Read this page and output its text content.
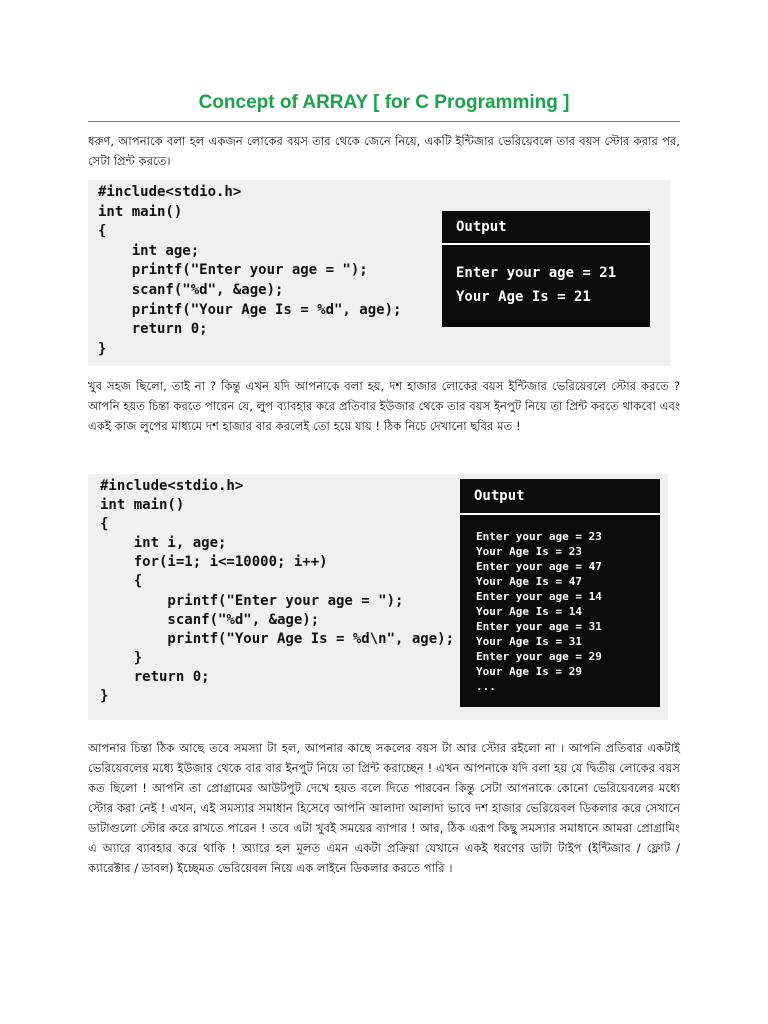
Concept of ARRAY [ for C Programming ]

ধরুণ, আপনাকে বলা হল একজন লোকের বয়স তার থেকে জেনে নিয়ে, একটি ইন্টিজার ভেরিয়েবলে তার বয়স স্টোর করার পর, সেটা প্রিন্ট করতে।

#include<stdio.h>
int main()
{
int age;
printf("Enter your age = ");
scanf("%d", &age);
printf("Your Age Is = %d", age);
return 0;
}
Output
Enter your age = 21
Your Age Is = 21

খুব সহজ ছিলো, তাই না ? কিন্তু এখন যদি আপনাকে বলা হয়, দশ হাজার লোকের বয়স ইন্টিজার ভেরিয়েবলে স্টোর করতে ? আপনি হয়ত চিন্তা করতে পারেন যে, লুপ ব্যাবহার করে প্রতিবার ইউজার থেকে তার বয়স ইনপুট নিয়ে তা প্রিন্ট করতে থাকবো এবং একই কাজ লুপের মাধ্যমে দশ হাজার বার করলেই তো হয়ে যায় ! ঠিক নিচে দেখানো ছবির মত !

#include<stdio.h>
int main()
{
int i, age;
for(i=1; i<=10000; i++)
{
printf("Enter your age = ");
scanf("%d", &age);
printf("Your Age Is = %d\n", age);
}
return 0;
}
Output
Enter your age = 23
Your Age Is = 23
Enter your age = 47
Your Age Is = 47
Enter your age = 14
Your Age Is = 14
Enter your age = 31
Your Age Is = 31
Enter your age = 29
Your Age Is = 29
...

আপনার চিন্তা ঠিক আছে তবে সমস্যা টা হল, আপনার কাছে সকলের বয়স টা আর স্টোর রইলো না । আপনি প্রতিবার একটাই ভেরিয়েবলের মধ্যে ইউজার থেকে বার বার ইনপুট নিয়ে তা প্রিন্ট করাচ্ছেন ! এখন আপনাকে যদি বলা হয় যে দ্বিতীয় লোকের বয়স কত ছিলো ! আপনি তা প্রোগ্রামের আউটপুট দেখে হয়ত বলে দিতে পারবেন কিন্তু সেটা আপনাকে কোনো ভেরিয়েবলের মধ্যে স্টোর করা নেই ! এখন, এই সমস্যার সমাধান হিসেবে আপনি আলাদা আলাদা ভাবে দশ হাজার ভেরিয়েবল ডিকলার করে সেখানে ডাটাগুলো স্টোর করে রাখতে পারেন ! তবে এটা খুবই সময়ের ব্যাপার ! আর, ঠিক এরূপ কিছু সমস্যার সমাধানে আমরা প্রোগ্রামিং এ অ্যারে ব্যাবহার করে থাকি ! অ্যারে হল মূলত এমন একটা প্রক্রিয়া যেখানে একই ধরণের ডাটা টাইপ (ইন্টিজার / ফ্লোট / ক্যারেক্টার / ডাবল) ইচ্ছেমত ভেরিয়েবল নিয়ে এক লাইনে ডিকলার করতে পারি ।
